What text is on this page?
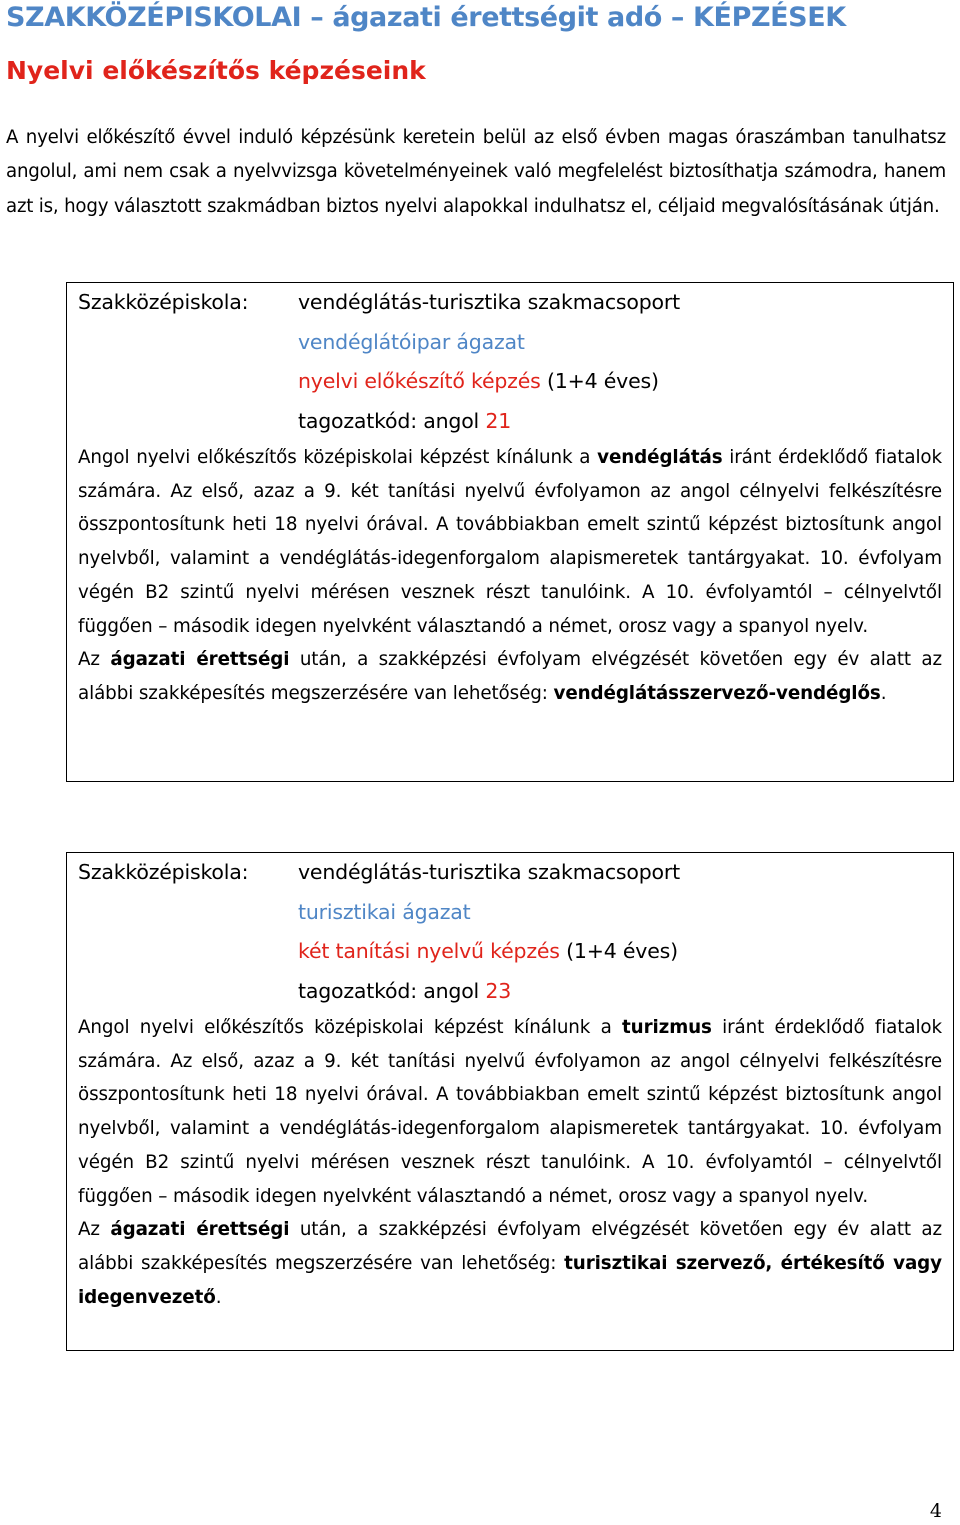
SZAKKÖZÉPISKOLAI – ágazati érettségit adó – KÉPZÉSEK
Nyelvi előkészítős képzéseink

A nyelvi előkészítő évvel induló képzésünk keretein belül az első évben magas óraszámban tanulhatsz angolul, ami nem csak a nyelvvizsga követelményeinek való megfelelést biztosíthatja számodra, hanem azt is, hogy választott szakmádban biztos nyelvi alapokkal indulhatsz el, céljaid megvalósításának útján.

Szakközépiskola:	vendéglátás-turisztika szakmacsoport
vendéglátóipar ágazat
nyelvi előkészítő képzés (1+4 éves)
tagozatkód: angol 21

Angol nyelvi előkészítős középiskolai képzést kínálunk a vendéglátás iránt érdeklődő fiatalok számára. Az első, azaz a 9. két tanítási nyelvű évfolyamon az angol célnyelvi felkészítésre összpontosítunk heti 18 nyelvi órával. A továbbiakban emelt szintű képzést biztosítunk angol nyelvből, valamint a vendéglátás-idegenforgalom alapismeretek tantárgyakat. 10. évfolyam végén B2 szintű nyelvi mérésen vesznek részt tanulóink. A 10. évfolyamtól – célnyelvtől függően – második idegen nyelvként választandó a német, orosz vagy a spanyol nyelv.

Az ágazati érettségi után, a szakképzési évfolyam elvégzését követően egy év alatt az alábbi szakképesítés megszerzésére van lehetőség: vendéglátásszervező-vendéglős.

Szakközépiskola:	vendéglátás-turisztika szakmacsoport
turisztikai ágazat
két tanítási nyelvű képzés (1+4 éves)
tagozatkód: angol 23

Angol nyelvi előkészítős középiskolai képzést kínálunk a turizmus iránt érdeklődő fiatalok számára. Az első, azaz a 9. két tanítási nyelvű évfolyamon az angol célnyelvi felkészítésre összpontosítunk heti 18 nyelvi órával. A továbbiakban emelt szintű képzést biztosítunk angol nyelvből, valamint a vendéglátás-idegenforgalom alapismeretek tantárgyakat. 10. évfolyam végén B2 szintű nyelvi mérésen vesznek részt tanulóink. A 10. évfolyamtól – célnyelvtől függően – második idegen nyelvként választandó a német, orosz vagy a spanyol nyelv.

Az ágazati érettségi után, a szakképzési évfolyam elvégzését követően egy év alatt az alábbi szakképesítés megszerzésére van lehetőség: turisztikai szervező, értékesítő vagy idegenvezető.

4
